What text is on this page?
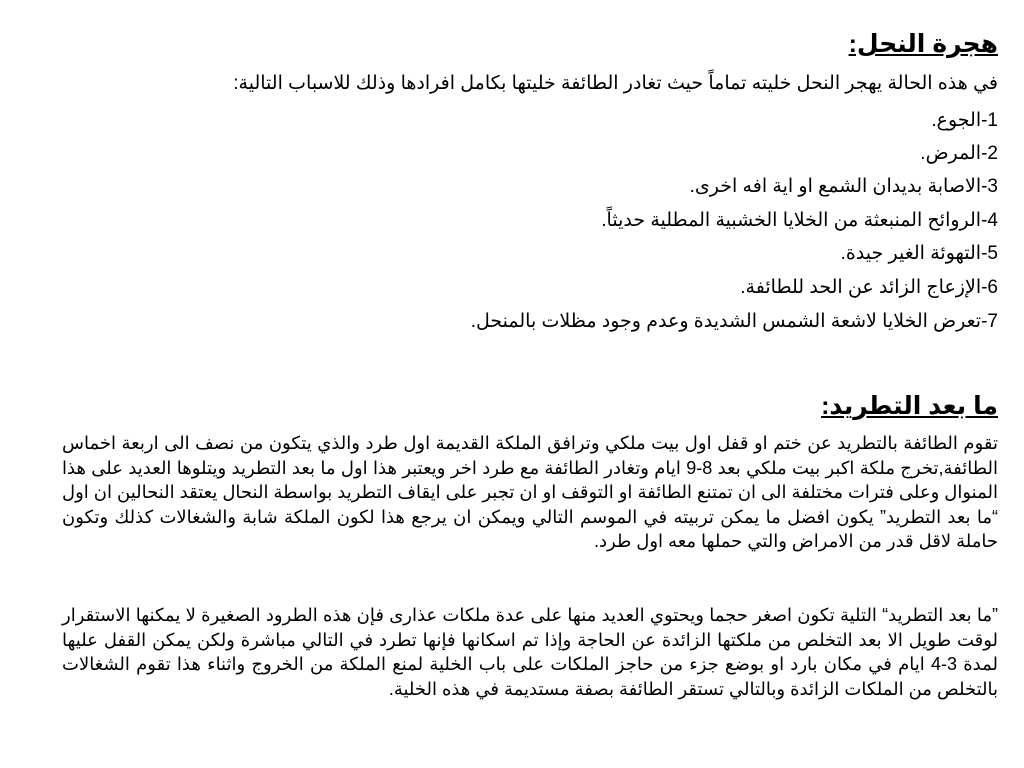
هجرة النحل:
في هذه الحالة يهجر النحل خليته تماماً حيث تغادر الطائفة خليتها بكامل افرادها وذلك للاسباب التالية:
1-الجوع.
2-المرض.
3-الاصابة بديدان الشمع او اية افه اخرى.
4-الروائح المنبعثة من الخلايا الخشبية المطلية حديثاً.
5-التهوئة الغير جيدة.
6-الإزعاج الزائد عن الحد للطائفة.
7-تعرض الخلايا لاشعة الشمس الشديدة وعدم وجود مظلات بالمنحل.
ما بعد التطريد:
تقوم الطائفة بالتطريد عن ختم او قفل اول بيت ملكي وترافق الملكة القديمة اول طرد والذي يتكون من نصف الى اربعة اخماس الطائفة,تخرج ملكة اكبر بيت ملكي بعد 8-9 ايام وتغادر الطائفة مع طرد اخر ويعتبر هذا اول ما بعد التطريد ويتلوها العديد على هذا المنوال وعلى فترات مختلفة الى ان تمتنع الطائفة او التوقف او ان تجبر على ايقاف التطريد بواسطة النحال يعتقد النحالين ان اول “ما بعد التطريد” يكون افضل ما يمكن تربيته في الموسم التالي ويمكن ان يرجع هذا لكون الملكة شابة والشغالات كذلك وتكون حاملة لاقل قدر من الامراض والتي حملها معه اول طرد.
”ما بعد التطريد“ التلية تكون اصغر حجما ويحتوي العديد منها على عدة ملكات عذارى فإن هذه الطرود الصغيرة لا يمكنها الاستقرار لوقت طويل الا بعد التخلص من ملكتها الزائدة عن الحاجة وإذا تم اسكانها فإنها تطرد في التالي مباشرة ولكن يمكن القفل عليها لمدة 3-4 ايام في مكان بارد او بوضع جزء من حاجز الملكات على باب الخلية لمنع الملكة من الخروج واثناء هذا تقوم الشغالات بالتخلص من الملكات الزائدة وبالتالي تستقر الطائفة بصفة مستديمة في هذه الخلية.
